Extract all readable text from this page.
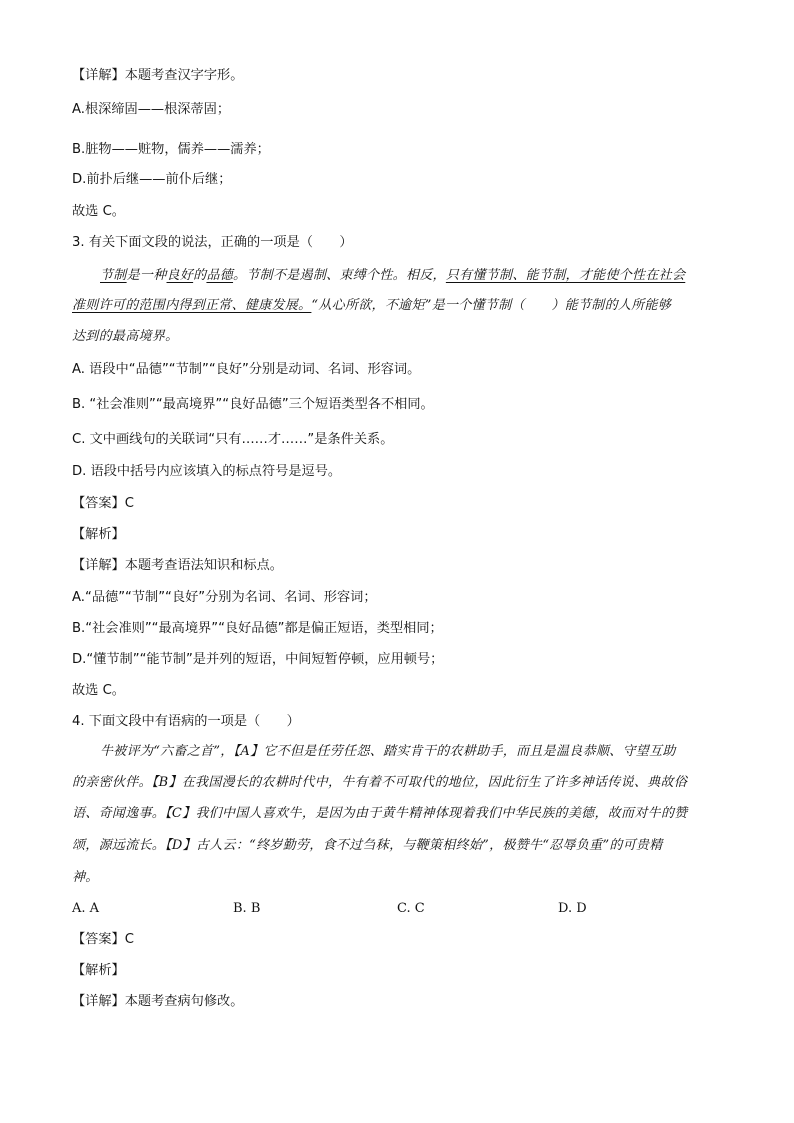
【详解】本题考查汉字字形。
A.根深缔固——根深蒂固；
B.脏物——赃物，儒养——濡养；
D.前扑后继——前仆后继；
故选 C。
3. 有关下面文段的说法，正确的一项是（　　）
节制是一种良好的品德。节制不是遏制、束缚个性。相反，只有懂节制、能节制，才能使个性在社会
准则许可的范围内得到正常、健康发展。“从心所欲，不逾矩”是一个懂节制（　　）能节制的人所能够
达到的最高境界。
A. 语段中“品德”“节制”“良好”分别是动词、名词、形容词。
B. “社会准则”“最高境界”“良好品德”三个短语类型各不相同。
C. 文中画线句的关联词“只有……才……”是条件关系。
D. 语段中括号内应该填入的标点符号是逗号。
【答案】C
【解析】
【详解】本题考查语法知识和标点。
A.“品德”“节制”“良好”分别为名词、名词、形容词；
B.“社会准则”“最高境界”“良好品德”都是偏正短语，类型相同；
D.“懂节制”“能节制”是并列的短语，中间短暂停顿，应用顿号；
故选 C。
4. 下面文段中有语病的一项是（　　）
牛被评为“六畜之首”，【A】它不但是任劳任怨、踏实肯干的农耕助手，而且是温良恭顺、守望互助
的亲密伙伴。【B】在我国漫长的农耕时代中，牛有着不可取代的地位，因此衍生了许多神话传说、典故俗
语、奇闻逸事。【C】我们中国人喜欢牛，是因为由于黄牛精神体现着我们中华民族的美德，故而对牛的赞
颂，源远流长。【D】古人云：“终岁勤劳，食不过刍秣，与鞭策相终始”，极赞牛“忍辱负重”的可贵精
神。
A. A	B. B	C. C	D. D
【答案】C
【解析】
【详解】本题考查病句修改。
